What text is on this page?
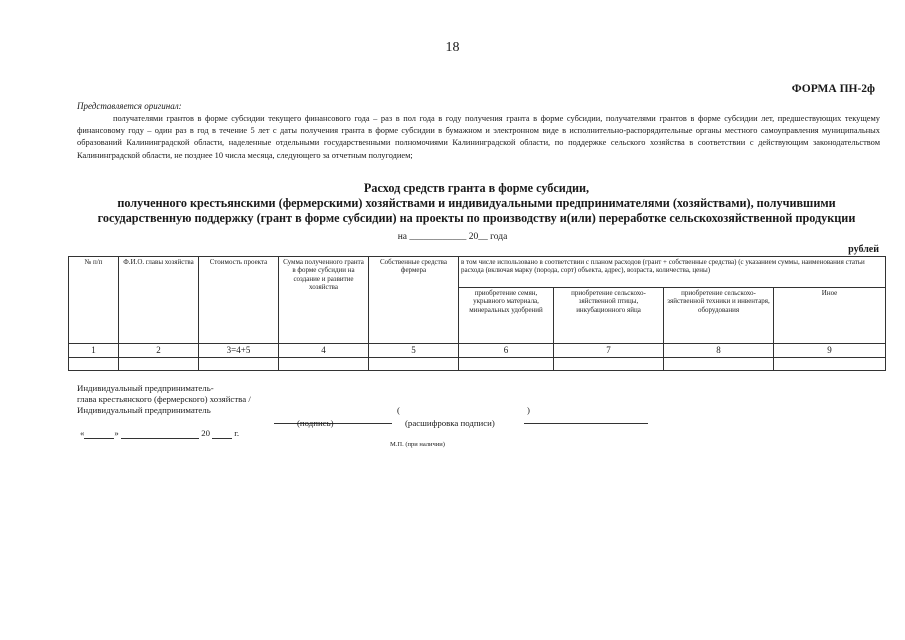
18
ФОРМА ПН-2ф
Представляется оригинал:
получателями грантов в форме субсидии текущего финансового года – раз в пол года в году получения гранта в форме субсидии, получателями грантов в форме субсидии лет, предшествующих текущему финансовому году – один раз в год в течение 5 лет с даты получения гранта в форме субсидии в бумажном и электронном виде в исполнительно-распорядительные органы местного самоуправления муниципальных образований Калининградской области, наделенные отдельными государственными полномочиями Калининградской области, по поддержке сельского хозяйства в соответствии с действующим законодательством Калининградской области, не позднее 10 числа месяца, следующего за отчетным полугодием;
Расход средств гранта в форме субсидии,
полученного крестьянскими (фермерскими) хозяйствами и индивидуальными предпринимателями (хозяйствами), получившими
государственную поддержку (грант в форме субсидии) на проекты по производству и(или) переработке сельскохозяйственной продукции
на ____________ 20__ года
рублей
№ п/п	Ф.И.О. главы хозяйства	Стоимость проекта	Сумма полученного гранта в форме субсидии на создание и развитие хозяйства	Собственные средства фермера	в том числе использовано в соответствии с планом расходов (грант + собственные средства) (с указанием суммы, наименования статьи расхода (включая марку (порода, сорт) объекта, адрес), возраста, количества, цены)			
					приобретение семян, укрывного материала, минеральных удобрений	приобретение сельскохо-зяйственной птицы, инкубационного яйца	приобретение сельскохо-зяйственной техники и инвентаря, оборудования	Иное
1	2	3=4+5	4	5	6	7	8	9

Индивидуальный предприниматель-
глава крестьянского (фермерского) хозяйства /
Индивидуальный предприниматель
	(	)
(подпись)	(расшифровка подписи)
«	»	20	г.
М.П. (при наличии)
